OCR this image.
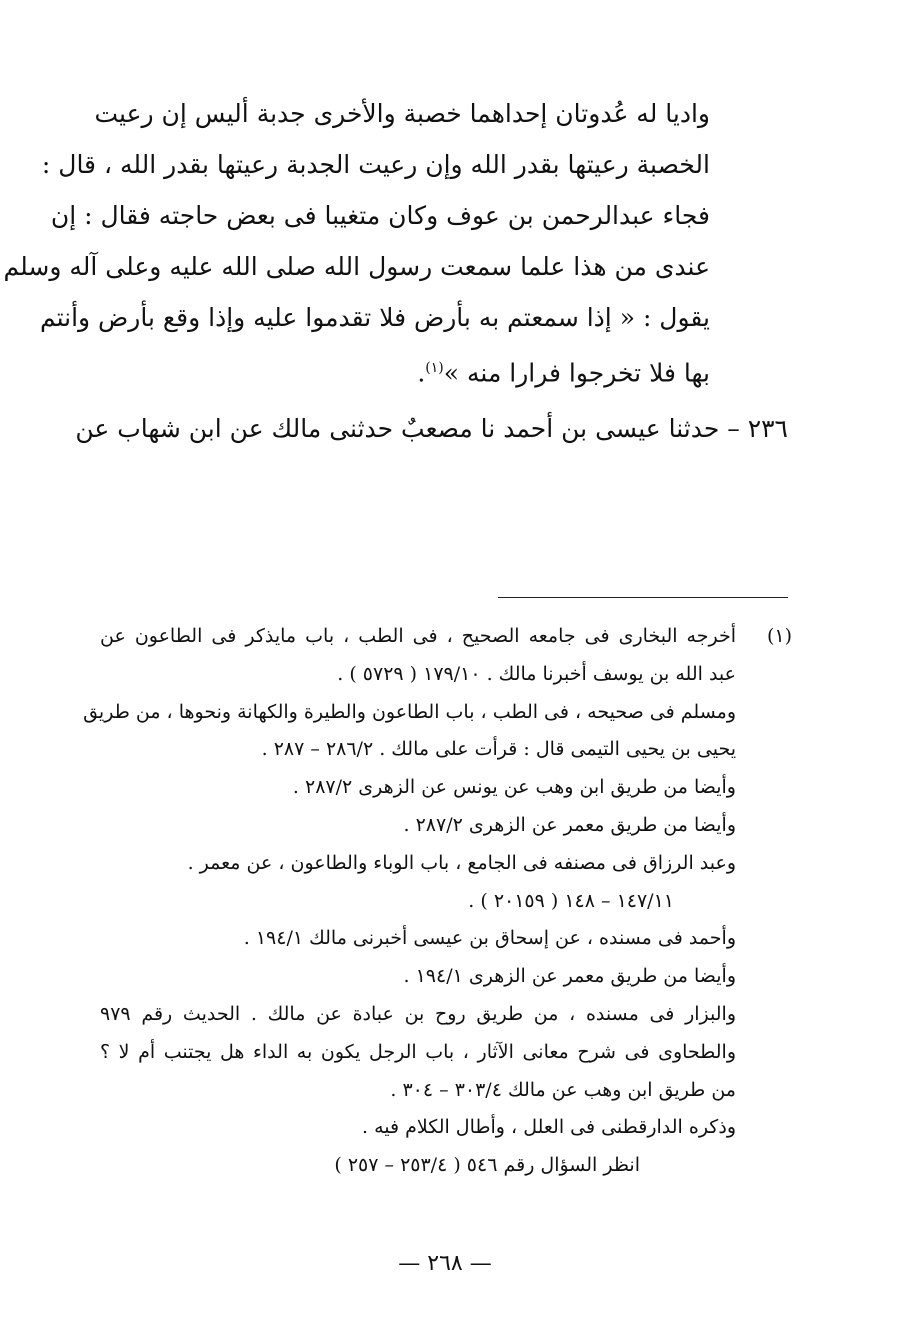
واديا له عُدوتان إحداهما خصبة والأخرى جدبة أليس إن رعيت
الخصبة رعيتها بقدر الله وإن رعيت الجدبة رعيتها بقدر الله ، قال :
فجاء عبدالرحمن بن عوف وكان متغيبا فى بعض حاجته فقال : إن
عندى من هذا علما سمعت رسول الله صلى الله عليه وعلى آله وسلم
يقول : « إذا سمعتم به بأرض فلا تقدموا عليه وإذا وقع بأرض وأنتم
بها فلا تخرجوا فرارا منه »$^{(١)}$.
٢٣٦ – حدثنا عيسى بن أحمد نا مصعبٌ حدثنى مالك عن ابن شهاب عن
(١)
أخرجه البخارى فى جامعه الصحيح ، فى الطب ، باب مايذكر فى الطاعون عن
عبد الله بن يوسف أخبرنا مالك . ١٧٩/١٠ ( ٥٧٢٩ ) .
ومسلم فى صحيحه ، فى الطب ، باب الطاعون والطيرة والكهانة ونحوها ، من طريق
يحيى بن يحيى التيمى قال : قرأت على مالك . ٢٨٦/٢ – ٢٨٧ .
وأيضا من طريق ابن وهب عن يونس عن الزهرى ٢٨٧/٢ .
وأيضا من طريق معمر عن الزهرى ٢٨٧/٢ .
وعبد الرزاق فى مصنفه فى الجامع ، باب الوباء والطاعون ، عن معمر .
١٤٧/١١ – ١٤٨ ( ٢٠١٥٩ ) .
وأحمد فى مسنده ، عن إسحاق بن عيسى أخبرنى مالك ١٩٤/١ .
وأيضا من طريق معمر عن الزهرى ١٩٤/١ .
والبزار فى مسنده ، من طريق روح بن عبادة عن مالك . الحديث رقم ٩٧٩
والطحاوى فى شرح معانى الآثار ، باب الرجل يكون به الداء هل يجتنب أم لا ؟
من طريق ابن وهب عن مالك ٣٠٣/٤ – ٣٠٤ .
وذكره الدارقطنى فى العلل ، وأطال الكلام فيه .
انظر السؤال رقم ٥٤٦ ( ٢٥٣/٤ – ٢٥٧ )
— ٢٦٨ —
